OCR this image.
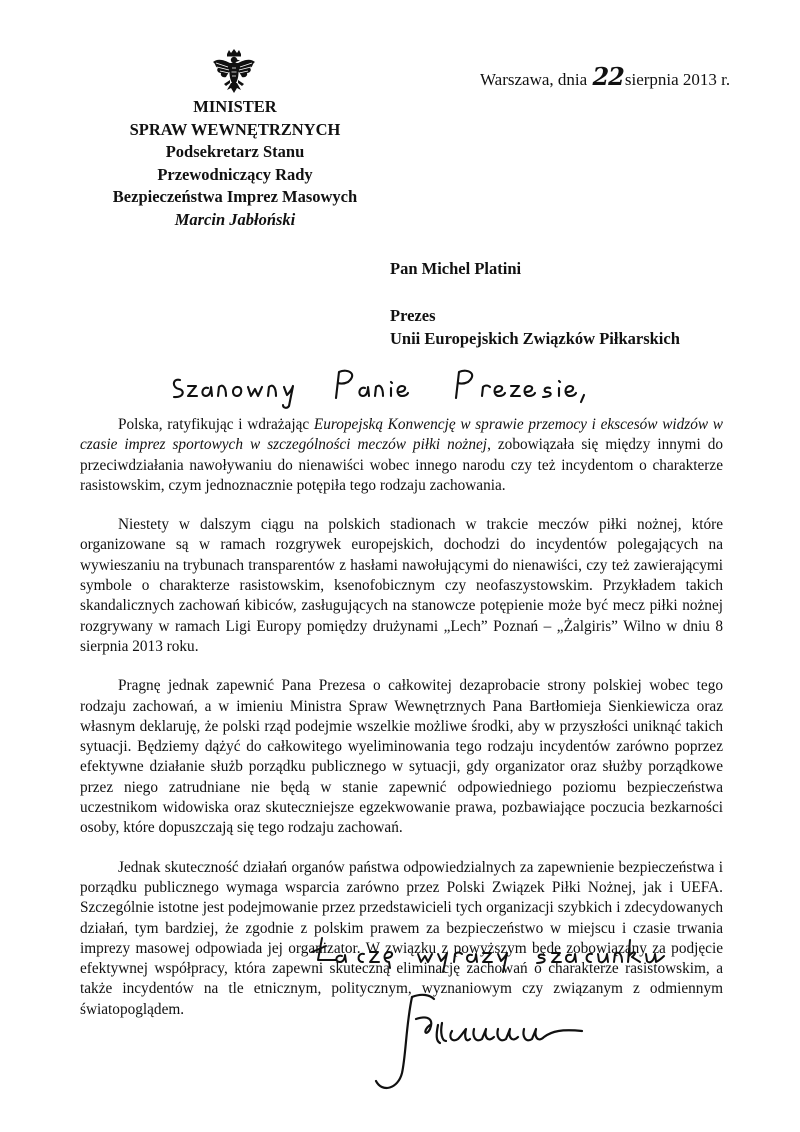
Warszawa, dnia 22sierpnia 2013 r.
MINISTER
SPRAW WEWNĘTRZNYCH
Podsekretarz Stanu
Przewodniczący Rady
Bezpieczeństwa Imprez Masowych
Marcin Jabłoński
Pan Michel Platini
Prezes
Unii Europejskich Związków Piłkarskich

Polska, ratyfikując i wdrażając Europejską Konwencję w sprawie przemocy i ekscesów widzów w czasie imprez sportowych w szczególności meczów piłki nożnej, zobowiązała się między innymi do przeciwdziałania nawoływaniu do nienawiści wobec innego narodu czy też incydentom o charakterze rasistowskim, czym jednoznacznie potępiła tego rodzaju zachowania.

Niestety w dalszym ciągu na polskich stadionach w trakcie meczów piłki nożnej, które organizowane są w ramach rozgrywek europejskich, dochodzi do incydentów polegających na wywieszaniu na trybunach transparentów z hasłami nawołującymi do nienawiści, czy też zawierającymi symbole o charakterze rasistowskim, ksenofobicznym czy neofaszystowskim. Przykładem takich skandalicznych zachowań kibiców, zasługujących na stanowcze potępienie może być mecz piłki nożnej rozgrywany w ramach Ligi Europy pomiędzy drużynami „Lech” Poznań – „Żalgiris” Wilno w dniu 8 sierpnia 2013 roku.

Pragnę jednak zapewnić Pana Prezesa o całkowitej dezaprobacie strony polskiej wobec tego rodzaju zachowań, a w imieniu Ministra Spraw Wewnętrznych Pana Bartłomieja Sienkiewicza oraz własnym deklaruję, że polski rząd podejmie wszelkie możliwe środki, aby w przyszłości uniknąć takich sytuacji. Będziemy dążyć do całkowitego wyeliminowania tego rodzaju incydentów zarówno poprzez efektywne działanie służb porządku publicznego w sytuacji, gdy organizator oraz służby porządkowe przez niego zatrudniane nie będą w stanie zapewnić odpowiedniego poziomu bezpieczeństwa uczestnikom widowiska oraz skuteczniejsze egzekwowanie prawa, pozbawiające poczucia bezkarności osoby, które dopuszczają się tego rodzaju zachowań.

Jednak skuteczność działań organów państwa odpowiedzialnych za zapewnienie bezpieczeństwa i porządku publicznego wymaga wsparcia zarówno przez Polski Związek Piłki Nożnej, jak i UEFA. Szczególnie istotne jest podejmowanie przez przedstawicieli tych organizacji szybkich i zdecydowanych działań, tym bardziej, że zgodnie z polskim prawem za bezpieczeństwo w miejscu i czasie trwania imprezy masowej odpowiada jej organizator. W związku z powyższym będę zobowiązany za podjęcie efektywnej współpracy, która zapewni skuteczną eliminację zachowań o charakterze rasistowskim, a także incydentów na tle etnicznym, politycznym, wyznaniowym czy związanym z odmiennym światopoglądem.
